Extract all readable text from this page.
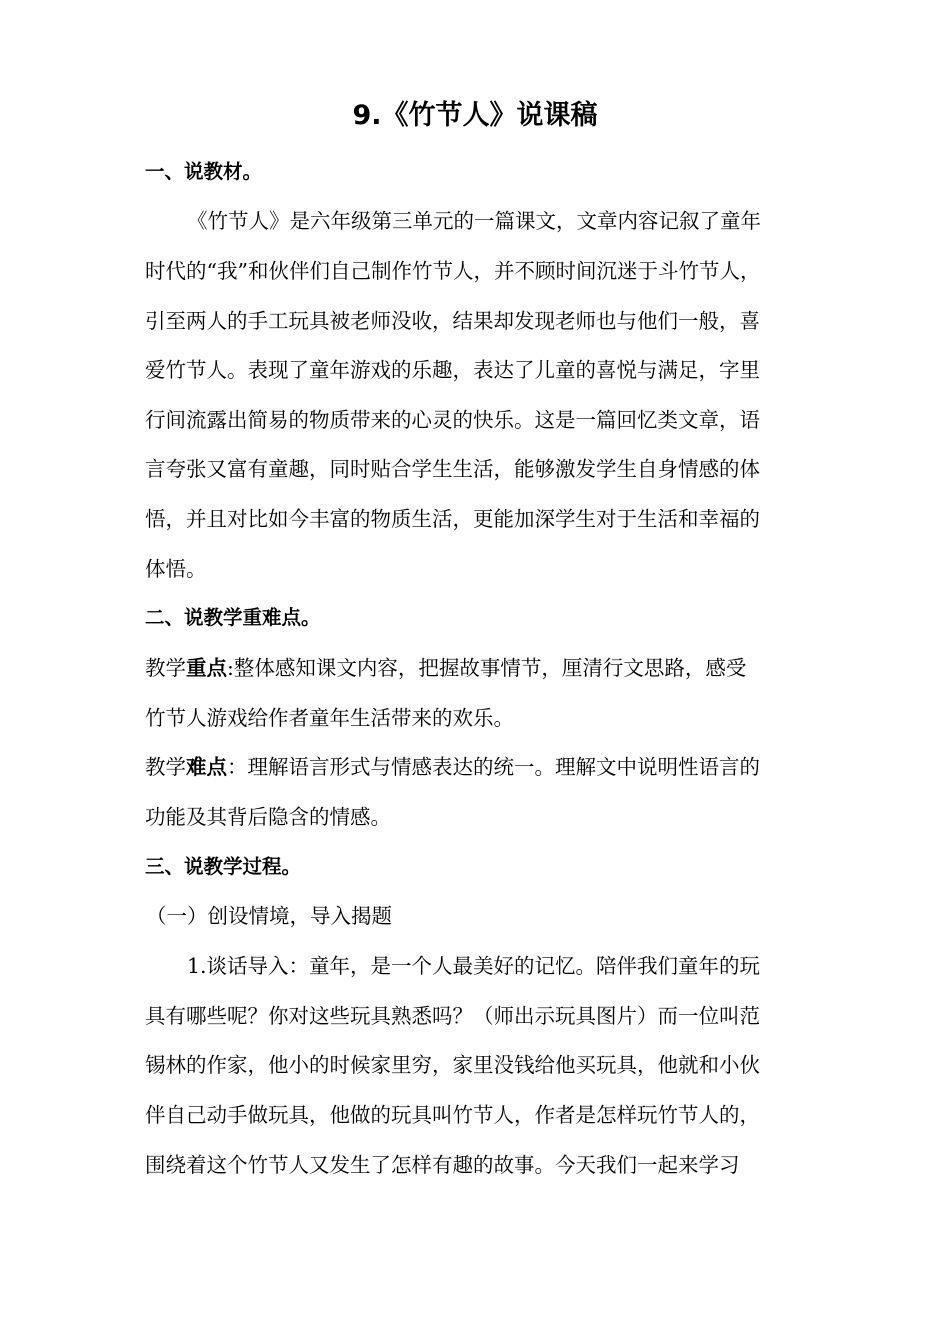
9.《竹节人》说课稿
一、说教材。
《竹节人》是六年级第三单元的一篇课文，文章内容记叙了童年
时代的“我”和伙伴们自己制作竹节人，并不顾时间沉迷于斗竹节人，
引至两人的手工玩具被老师没收，结果却发现老师也与他们一般，喜
爱竹节人。表现了童年游戏的乐趣，表达了儿童的喜悦与满足，字里
行间流露出简易的物质带来的心灵的快乐。这是一篇回忆类文章，语
言夸张又富有童趣，同时贴合学生生活，能够激发学生自身情感的体
悟，并且对比如今丰富的物质生活，更能加深学生对于生活和幸福的
体悟。
二、说教学重难点。
教学重点:整体感知课文内容，把握故事情节，厘清行文思路，感受
竹节人游戏给作者童年生活带来的欢乐。
教学难点：理解语言形式与情感表达的统一。理解文中说明性语言的
功能及其背后隐含的情感。
三、说教学过程。
（一）创设情境，导入揭题
1.谈话导入：童年，是一个人最美好的记忆。陪伴我们童年的玩
具有哪些呢？你对这些玩具熟悉吗？（师出示玩具图片）而一位叫范
锡林的作家，他小的时候家里穷，家里没钱给他买玩具，他就和小伙
伴自己动手做玩具，他做的玩具叫竹节人，作者是怎样玩竹节人的，
围绕着这个竹节人又发生了怎样有趣的故事。今天我们一起来学习
